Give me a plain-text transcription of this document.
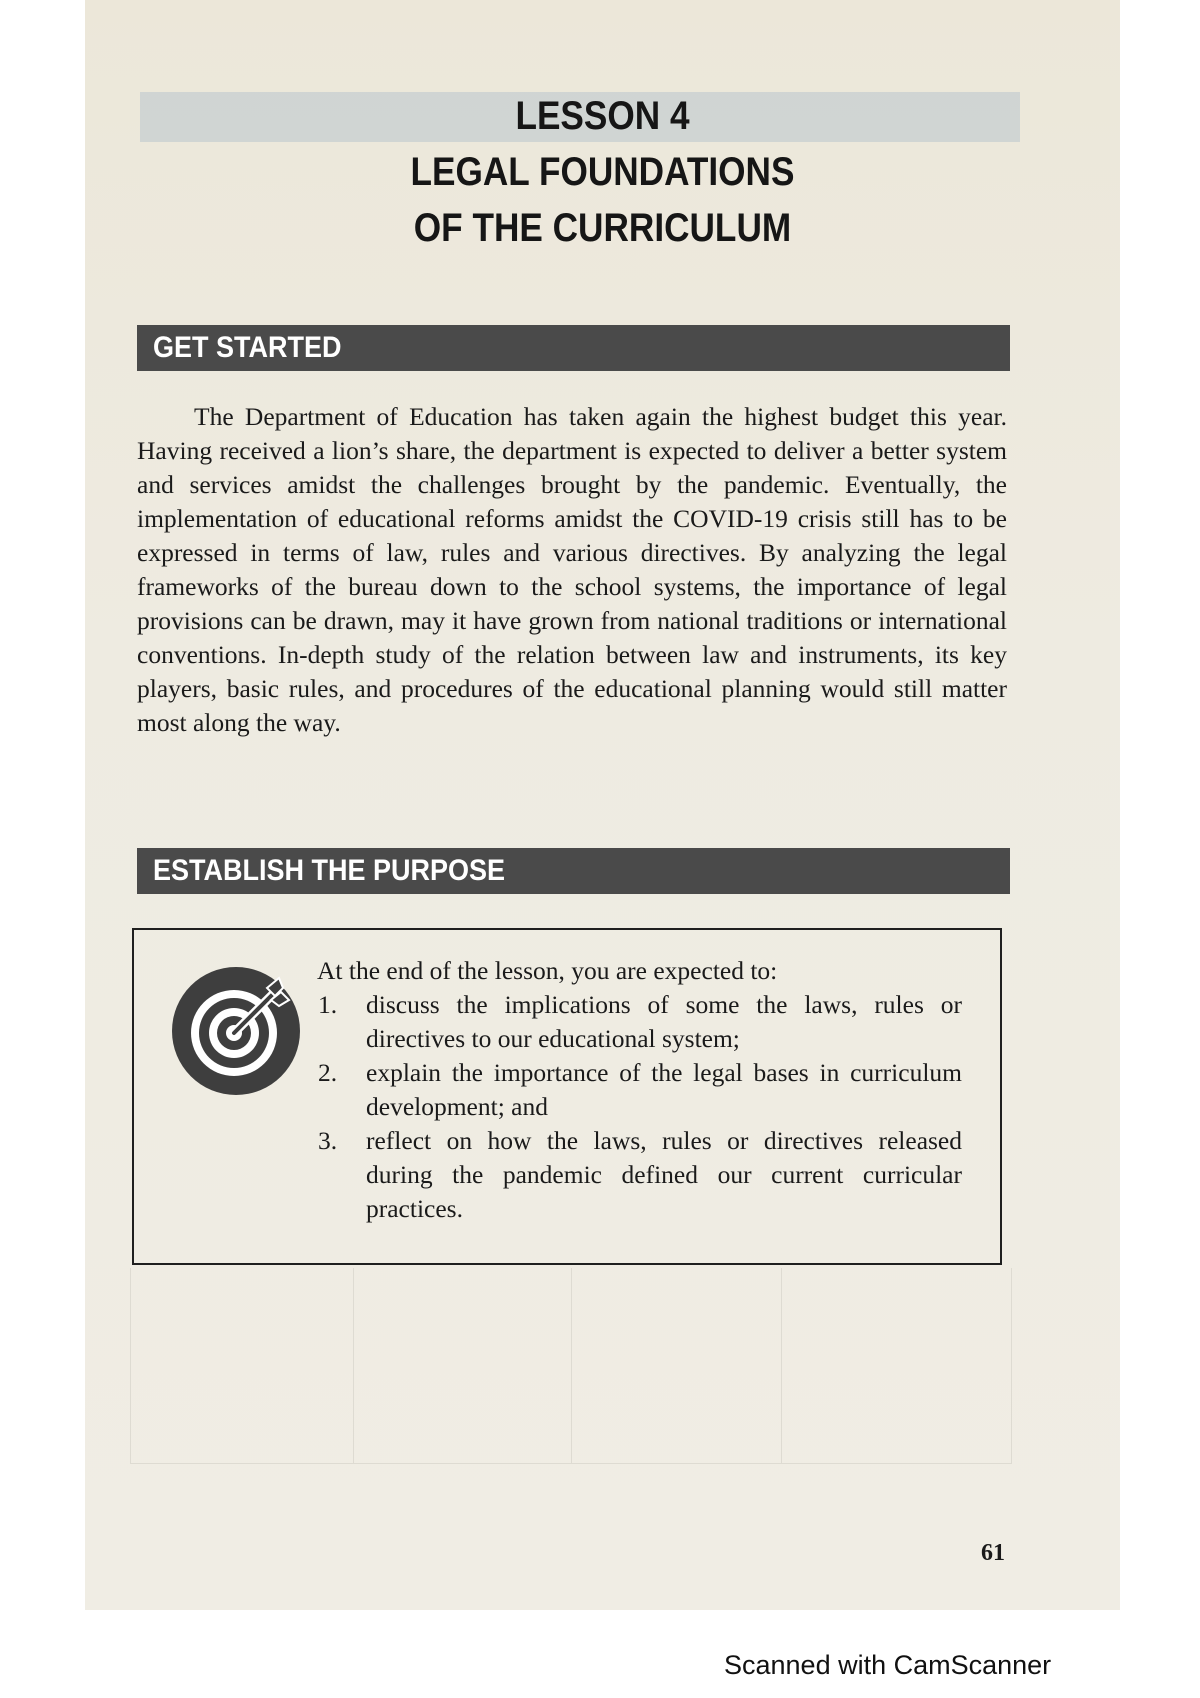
LESSON 4
LEGAL FOUNDATIONS
OF THE CURRICULUM
GET STARTED

The Department of Education has taken again the highest budget this year. Having received a lion’s share, the department is expected to deliver a better system and services amidst the challenges brought by the pandemic. Eventually, the implementation of educational reforms amidst the COVID-19 crisis still has to be expressed in terms of law, rules and various directives. By analyzing the legal frameworks of the bureau down to the school systems, the importance of legal provisions can be drawn, may it have grown from national traditions or international conventions. In-depth study of the relation between law and instruments, its key players, basic rules, and procedures of the educational planning would still matter most along the way.

ESTABLISH THE PURPOSE

At the end of the lesson, you are expected to:

1. discuss the implications of some the laws, rules or directives to our educational system;
2. explain the importance of the legal bases in curriculum development; and
3. reflect on how the laws, rules or directives released during the pandemic defined our current curricular practices.
61
Scanned with CamScanner
